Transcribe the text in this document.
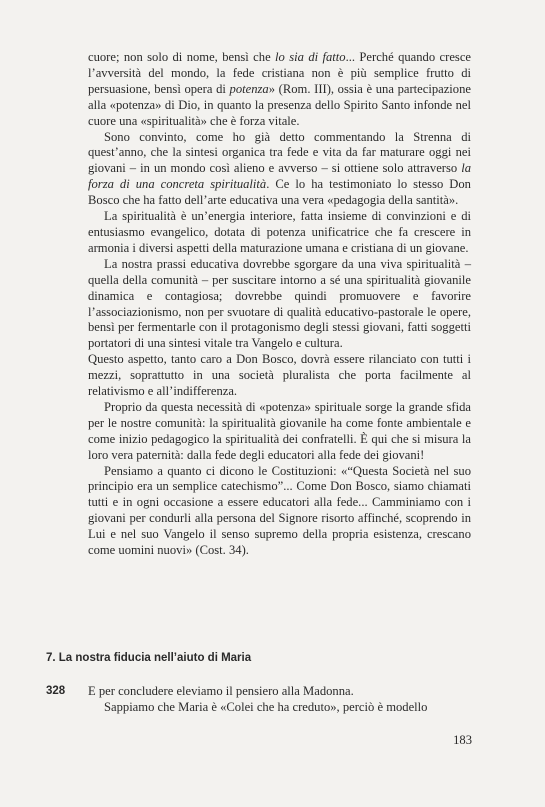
cuore; non solo di nome, bensì che lo sia di fatto... Perché quando cresce l’avversità del mondo, la fede cristiana non è più semplice frutto di persuasione, bensì opera di potenza» (Rom. III), ossia è una partecipazione alla «potenza» di Dio, in quanto la presenza dello Spirito Santo infonde nel cuore una «spiritualità» che è forza vitale.

Sono convinto, come ho già detto commentando la Strenna di quest’anno, che la sintesi organica tra fede e vita da far maturare oggi nei giovani – in un mondo così alieno e avverso – si ottiene solo attraverso la forza di una concreta spiritualità. Ce lo ha testimoniato lo stesso Don Bosco che ha fatto dell’arte educativa una vera «pedagogia della santità».

La spiritualità è un’energia interiore, fatta insieme di convinzioni e di entusiasmo evangelico, dotata di potenza unificatrice che fa crescere in armonia i diversi aspetti della maturazione umana e cristiana di un giovane.

La nostra prassi educativa dovrebbe sgorgare da una viva spiritualità – quella della comunità – per suscitare intorno a sé una spiritualità giovanile dinamica e contagiosa; dovrebbe quindi promuovere e favorire l’associazionismo, non per svuotare di qualità educativo-pastorale le opere, bensì per fermentarle con il protagonismo degli stessi giovani, fatti soggetti portatori di una sintesi vitale tra Vangelo e cultura.

Questo aspetto, tanto caro a Don Bosco, dovrà essere rilanciato con tutti i mezzi, soprattutto in una società pluralista che porta facilmente al relativismo e all’indifferenza.

Proprio da questa necessità di «potenza» spirituale sorge la grande sfida per le nostre comunità: la spiritualità giovanile ha come fonte ambientale e come inizio pedagogico la spiritualità dei confratelli. È qui che si misura la loro vera paternità: dalla fede degli educatori alla fede dei giovani!

Pensiamo a quanto ci dicono le Costituzioni: «“Questa Società nel suo principio era un semplice catechismo”... Come Don Bosco, siamo chiamati tutti e in ogni occasione a essere educatori alla fede... Camminiamo con i giovani per condurli alla persona del Signore risorto affinché, scoprendo in Lui e nel suo Vangelo il senso supremo della propria esistenza, crescano come uomini nuovi» (Cost. 34).

7. La nostra fiducia nell’aiuto di Maria
328 E per concludere eleviamo il pensiero alla Madonna.

Sappiamo che Maria è «Colei che ha creduto», perciò è modello

183
